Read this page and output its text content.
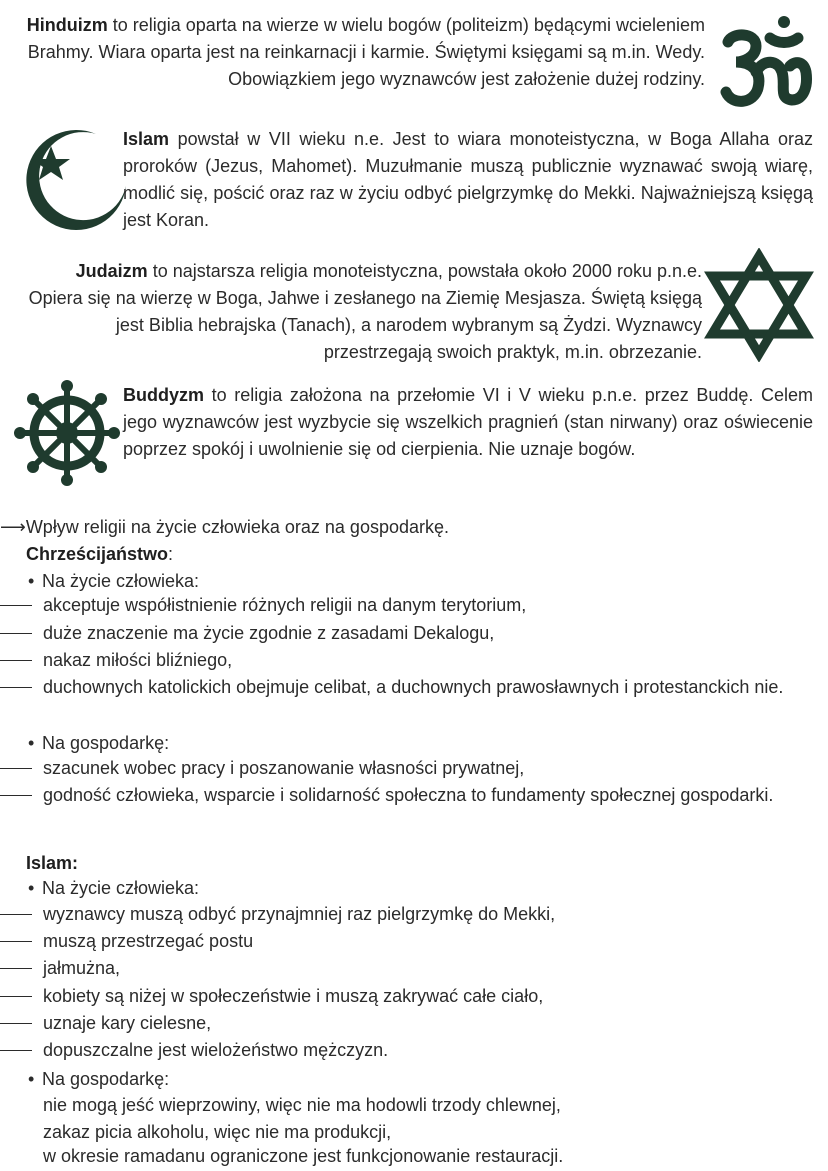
Hinduizm to religia oparta na wierze w wielu bogów (politeizm) będącymi wcieleniem Brahmy. Wiara oparta jest na reinkarnacji i karmie. Świętymi księgami są m.in. Wedy. Obowiązkiem jego wyznawców jest założenie dużej rodziny.

Islam powstał w VII wieku n.e. Jest to wiara monoteistyczna, w Boga Allaha oraz proroków (Jezus, Mahomet). Muzułmanie muszą publicznie wyznawać swoją wiarę, modlić się, pościć oraz raz w życiu odbyć pielgrzymkę do Mekki. Najważniejszą księgą jest Koran.

Judaizm to najstarsza religia monoteistyczna, powstała około 2000 roku p.n.e. Opiera się na wierzę w Boga, Jahwe i zesłanego na Ziemię Mesjasza. Świętą księgą jest Biblia hebrajska (Tanach), a narodem wybranym są Żydzi. Wyznawcy przestrzegają swoich praktyk, m.in. obrzezanie.

Buddyzm to religia założona na przełomie VI i V wieku p.n.e. przez Buddę. Celem jego wyznawców jest wyzbycie się wszelkich pragnień (stan nirwany) oraz oświecenie poprzez spokój i uwolnienie się od cierpienia. Nie uznaje bogów.

⟶Wpływ religii na życie człowieka oraz na gospodarkę.
Chrześcijaństwo:
• Na życie człowieka:
akceptuje współistnienie różnych religii na danym terytorium,
duże znaczenie ma życie zgodnie z zasadami Dekalogu,
nakaz miłości bliźniego,

duchownych katolickich obejmuje celibat, a duchownych prawosławnych i protestanckich nie.

• Na gospodarkę:
szacunek wobec pracy i poszanowanie własności prywatnej,

godność człowieka, wsparcie i solidarność społeczna to fundamenty społecznej gospodarki.

Islam:
• Na życie człowieka:
wyznawcy muszą odbyć przynajmniej raz pielgrzymkę do Mekki,
muszą przestrzegać postu
jałmużna,
kobiety są niżej w społeczeństwie i muszą zakrywać całe ciało,
uznaje kary cielesne,
dopuszczalne jest wielożeństwo mężczyzn.
• Na gospodarkę:
nie mogą jeść wieprzowiny, więc nie ma hodowli trzody chlewnej,
zakaz picia alkoholu, więc nie ma produkcji,
w okresie ramadanu ograniczone jest funkcjonowanie restauracji.
